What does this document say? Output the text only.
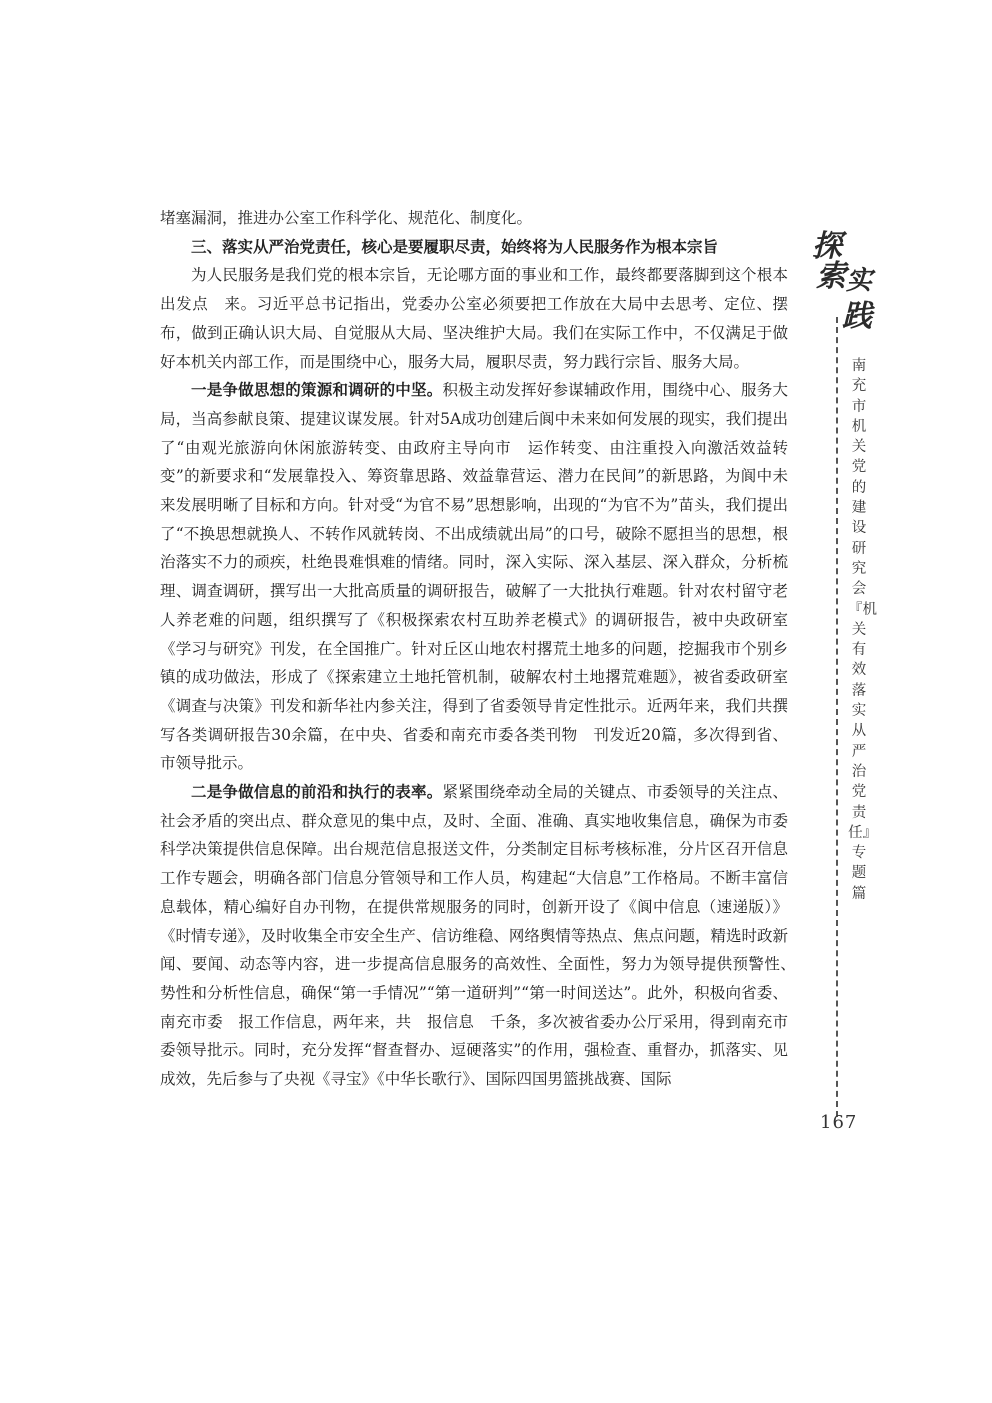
堵塞漏洞，推进办公室工作科学化、规范化、制度化。

三、落实从严治党责任，核心是要履职尽责，始终将为人民服务作为根本宗旨

为人民服务是我们党的根本宗旨，无论哪方面的事业和工作，最终都要落脚到这个根本出发点　来。习近平总书记指出，党委办公室必须要把工作放在大局中去思考、定位、摆布，做到正确认识大局、自觉服从大局、坚决维护大局。我们在实际工作中，不仅满足于做好本机关内部工作，而是围绕中心，服务大局，履职尽责，努力践行宗旨、服务大局。

一是争做思想的策源和调研的中坚。积极主动发挥好参谋辅政作用，围绕中心、服务大局，当高参献良策、提建议谋发展。针对5A成功创建后阆中未来如何发展的现实，我们提出了“由观光旅游向休闲旅游转变、由政府主导向市　运作转变、由注重投入向激活效益转变”的新要求和“发展靠投入、筹资靠思路、效益靠营运、潜力在民间”的新思路，为阆中未来发展明晰了目标和方向。针对受“为官不易”思想影响，出现的“为官不为”苗头，我们提出了“不换思想就换人、不转作风就转岗、不出成绩就出局”的口号，破除不愿担当的思想，根治落实不力的顽疾，杜绝畏难惧难的情绪。同时，深入实际、深入基层、深入群众，分析梳理、调查调研，撰写出一大批高质量的调研报告，破解了一大批执行难题。针对农村留守老人养老难的问题，组织撰写了《积极探索农村互助养老模式》的调研报告，被中央政研室《学习与研究》刊发，在全国推广。针对丘区山地农村撂荒土地多的问题，挖掘我市个别乡镇的成功做法，形成了《探索建立土地托管机制，破解农村土地撂荒难题》，被省委政研室《调查与决策》刊发和新华社内参关注，得到了省委领导肯定性批示。近两年来，我们共撰写各类调研报告30余篇，在中央、省委和南充市委各类刊物　刊发近20篇，多次得到省、市领导批示。

二是争做信息的前沿和执行的表率。紧紧围绕牵动全局的关键点、市委领导的关注点、社会矛盾的突出点、群众意见的集中点，及时、全面、准确、真实地收集信息，确保为市委科学决策提供信息保障。出台规范信息报送文件，分类制定目标考核标准，分片区召开信息工作专题会，明确各部门信息分管领导和工作人员，构建起“大信息”工作格局。不断丰富信息载体，精心编好自办刊物，在提供常规服务的同时，创新开设了《阆中信息（速递版）》《时情专递》，及时收集全市安全生产、信访维稳、网络舆情等热点、焦点问题，精选时政新闻、要闻、动态等内容，进一步提高信息服务的高效性、全面性，努力为领导提供预警性、　势性和分析性信息，确保“第一手情况”“第一道研判”“第一时间送达”。此外，积极向省委、南充市委　报工作信息，两年来，共　报信息　千条，多次被省委办公厅采用，得到南充市委领导批示。同时，充分发挥“督查督办、逗硬落实”的作用，强检查、重督办，抓落实、见成效，先后参与了央视《寻宝》《中华长歌行》、国际四国男篮挑战赛、国际

探
索 实
践
南充市机关党的建设研究会『机关有效落实从严治党责任』专题篇
167
